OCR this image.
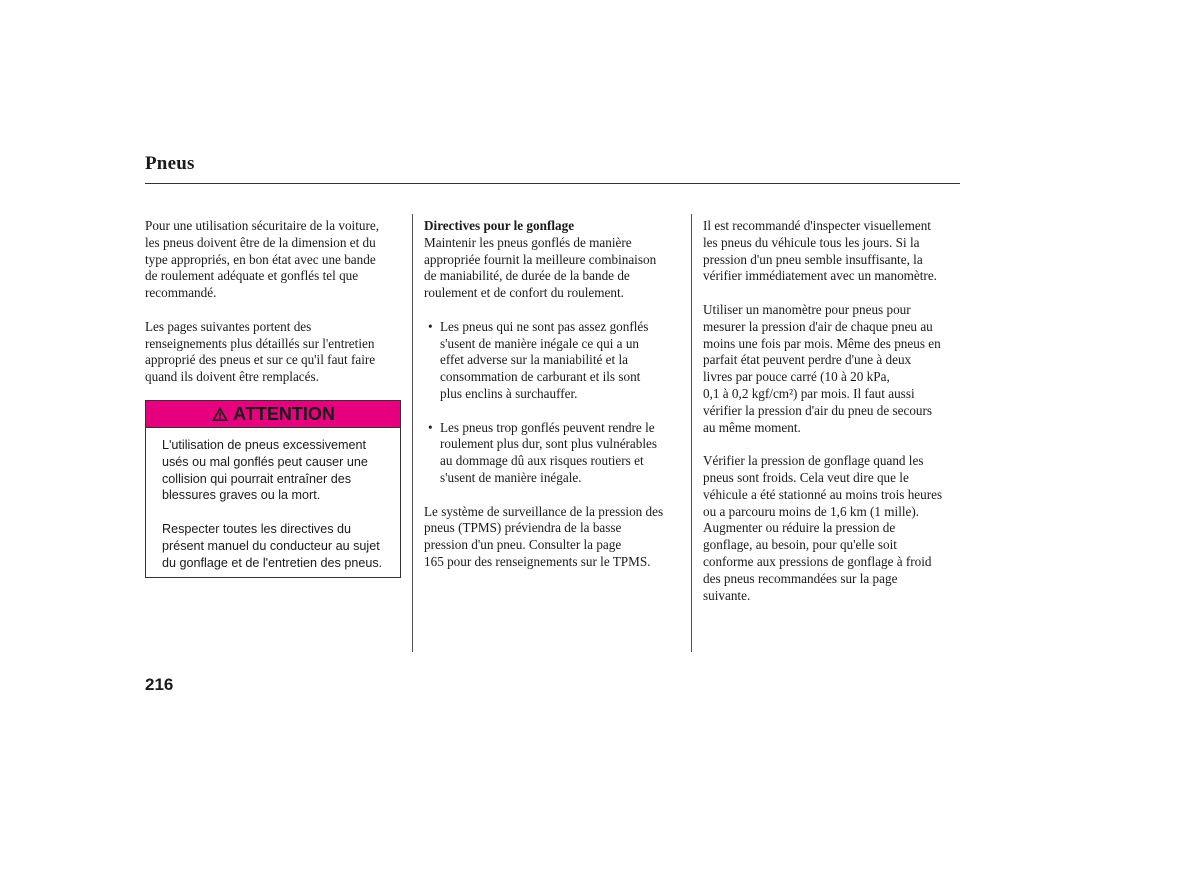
Pneus

Pour une utilisation sécuritaire de la voiture,
les pneus doivent être de la dimension et du
type appropriés, en bon état avec une bande
de roulement adéquate et gonflés tel que
recommandé.

Les pages suivantes portent des
renseignements plus détaillés sur l'entretien
approprié des pneus et sur ce qu'il faut faire
quand ils doivent être remplacés.

ATTENTION

L'utilisation de pneus excessivement
usés ou mal gonflés peut causer une
collision qui pourrait entraîner des
blessures graves ou la mort.

Respecter toutes les directives du
présent manuel du conducteur au sujet
du gonflage et de l'entretien des pneus.

Directives pour le gonflage
Maintenir les pneus gonflés de manière
appropriée fournit la meilleure combinaison
de maniabilité, de durée de la bande de
roulement et de confort du roulement.

• Les pneus qui ne sont pas assez gonflés
s'usent de manière inégale ce qui a un
effet adverse sur la maniabilité et la
consommation de carburant et ils sont
plus enclins à surchauffer.
• Les pneus trop gonflés peuvent rendre le
roulement plus dur, sont plus vulnérables
au dommage dû aux risques routiers et
s'usent de manière inégale.

Le système de surveillance de la pression des
pneus (TPMS) préviendra de la basse
pression d'un pneu. Consulter la page
165 pour des renseignements sur le TPMS.

Il est recommandé d'inspecter visuellement
les pneus du véhicule tous les jours. Si la
pression d'un pneu semble insuffisante, la
vérifier immédiatement avec un manomètre.

Utiliser un manomètre pour pneus pour
mesurer la pression d'air de chaque pneu au
moins une fois par mois. Même des pneus en
parfait état peuvent perdre d'une à deux
livres par pouce carré (10 à 20 kPa,
0,1 à 0,2 kgf/cm²) par mois. Il faut aussi
vérifier la pression d'air du pneu de secours
au même moment.

Vérifier la pression de gonflage quand les
pneus sont froids. Cela veut dire que le
véhicule a été stationné au moins trois heures
ou a parcouru moins de 1,6 km (1 mille).
Augmenter ou réduire la pression de
gonflage, au besoin, pour qu'elle soit
conforme aux pressions de gonflage à froid
des pneus recommandées sur la page
suivante.

216
